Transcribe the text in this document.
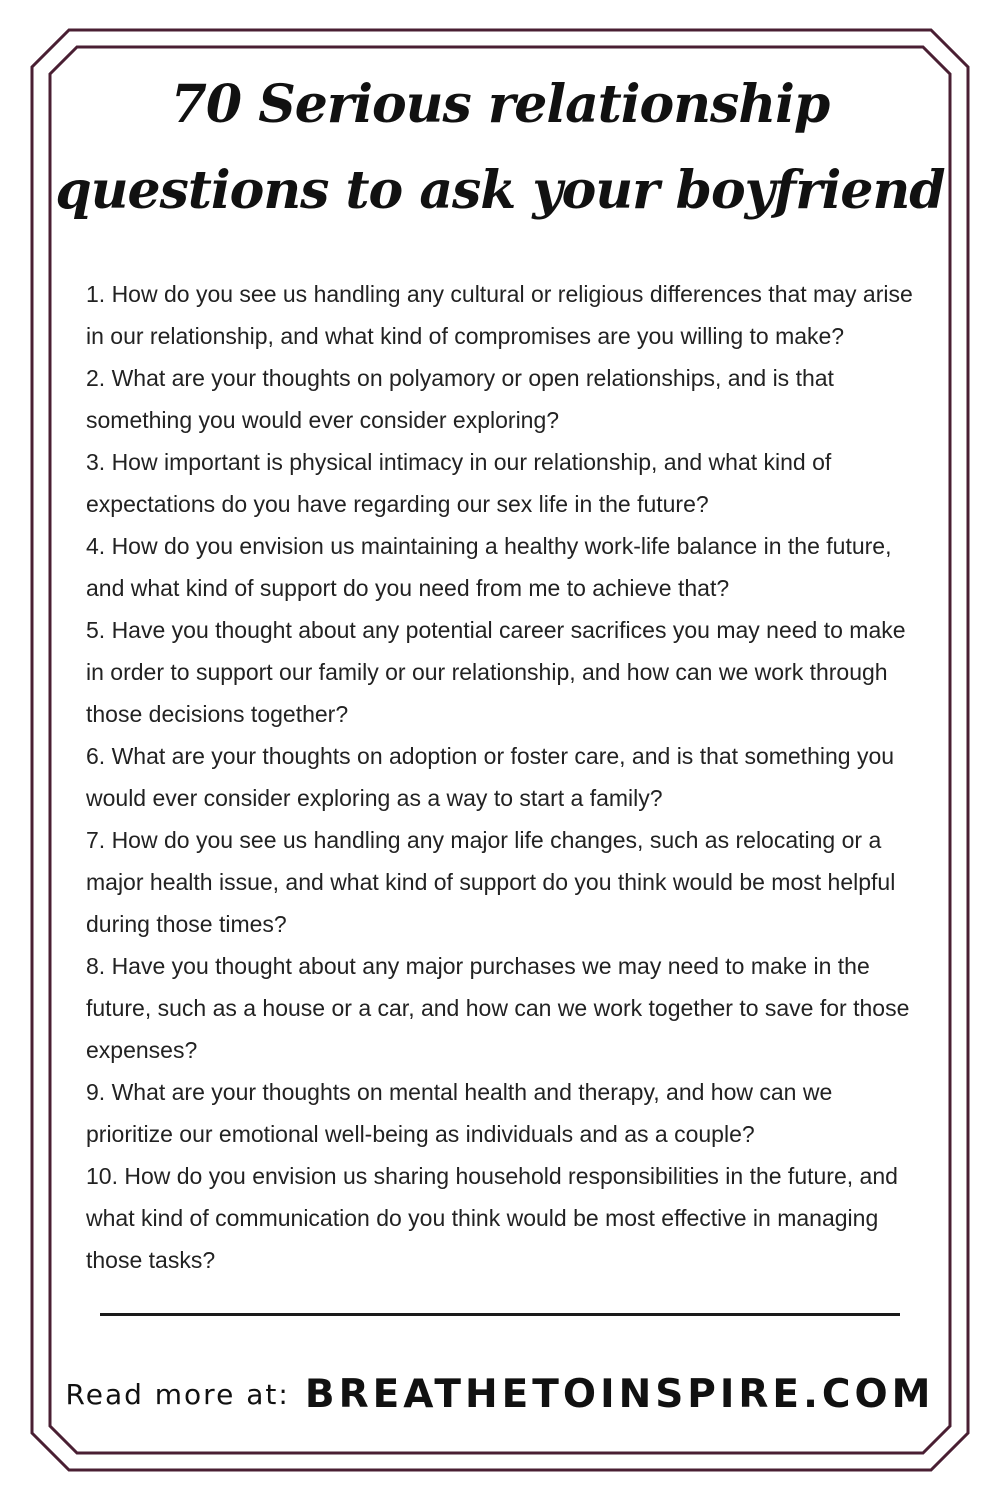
70 Serious relationship questions to ask your boyfriend

1. How do you see us handling any cultural or religious differences that may arise in our relationship, and what kind of compromises are you willing to make?

2. What are your thoughts on polyamory or open relationships, and is that something you would ever consider exploring?

3. How important is physical intimacy in our relationship, and what kind of expectations do you have regarding our sex life in the future?

4. How do you envision us maintaining a healthy work-life balance in the future, and what kind of support do you need from me to achieve that?

5. Have you thought about any potential career sacrifices you may need to make in order to support our family or our relationship, and how can we work through those decisions together?

6. What are your thoughts on adoption or foster care, and is that something you would ever consider exploring as a way to start a family?

7. How do you see us handling any major life changes, such as relocating or a major health issue, and what kind of support do you think would be most helpful during those times?

8. Have you thought about any major purchases we may need to make in the future, such as a house or a car, and how can we work together to save for those expenses?

9. What are your thoughts on mental health and therapy, and how can we prioritize our emotional well-being as individuals and as a couple?

10. How do you envision us sharing household responsibilities in the future, and what kind of communication do you think would be most effective in managing those tasks?

Read more at: BREATHETOINSPIRE.COM
